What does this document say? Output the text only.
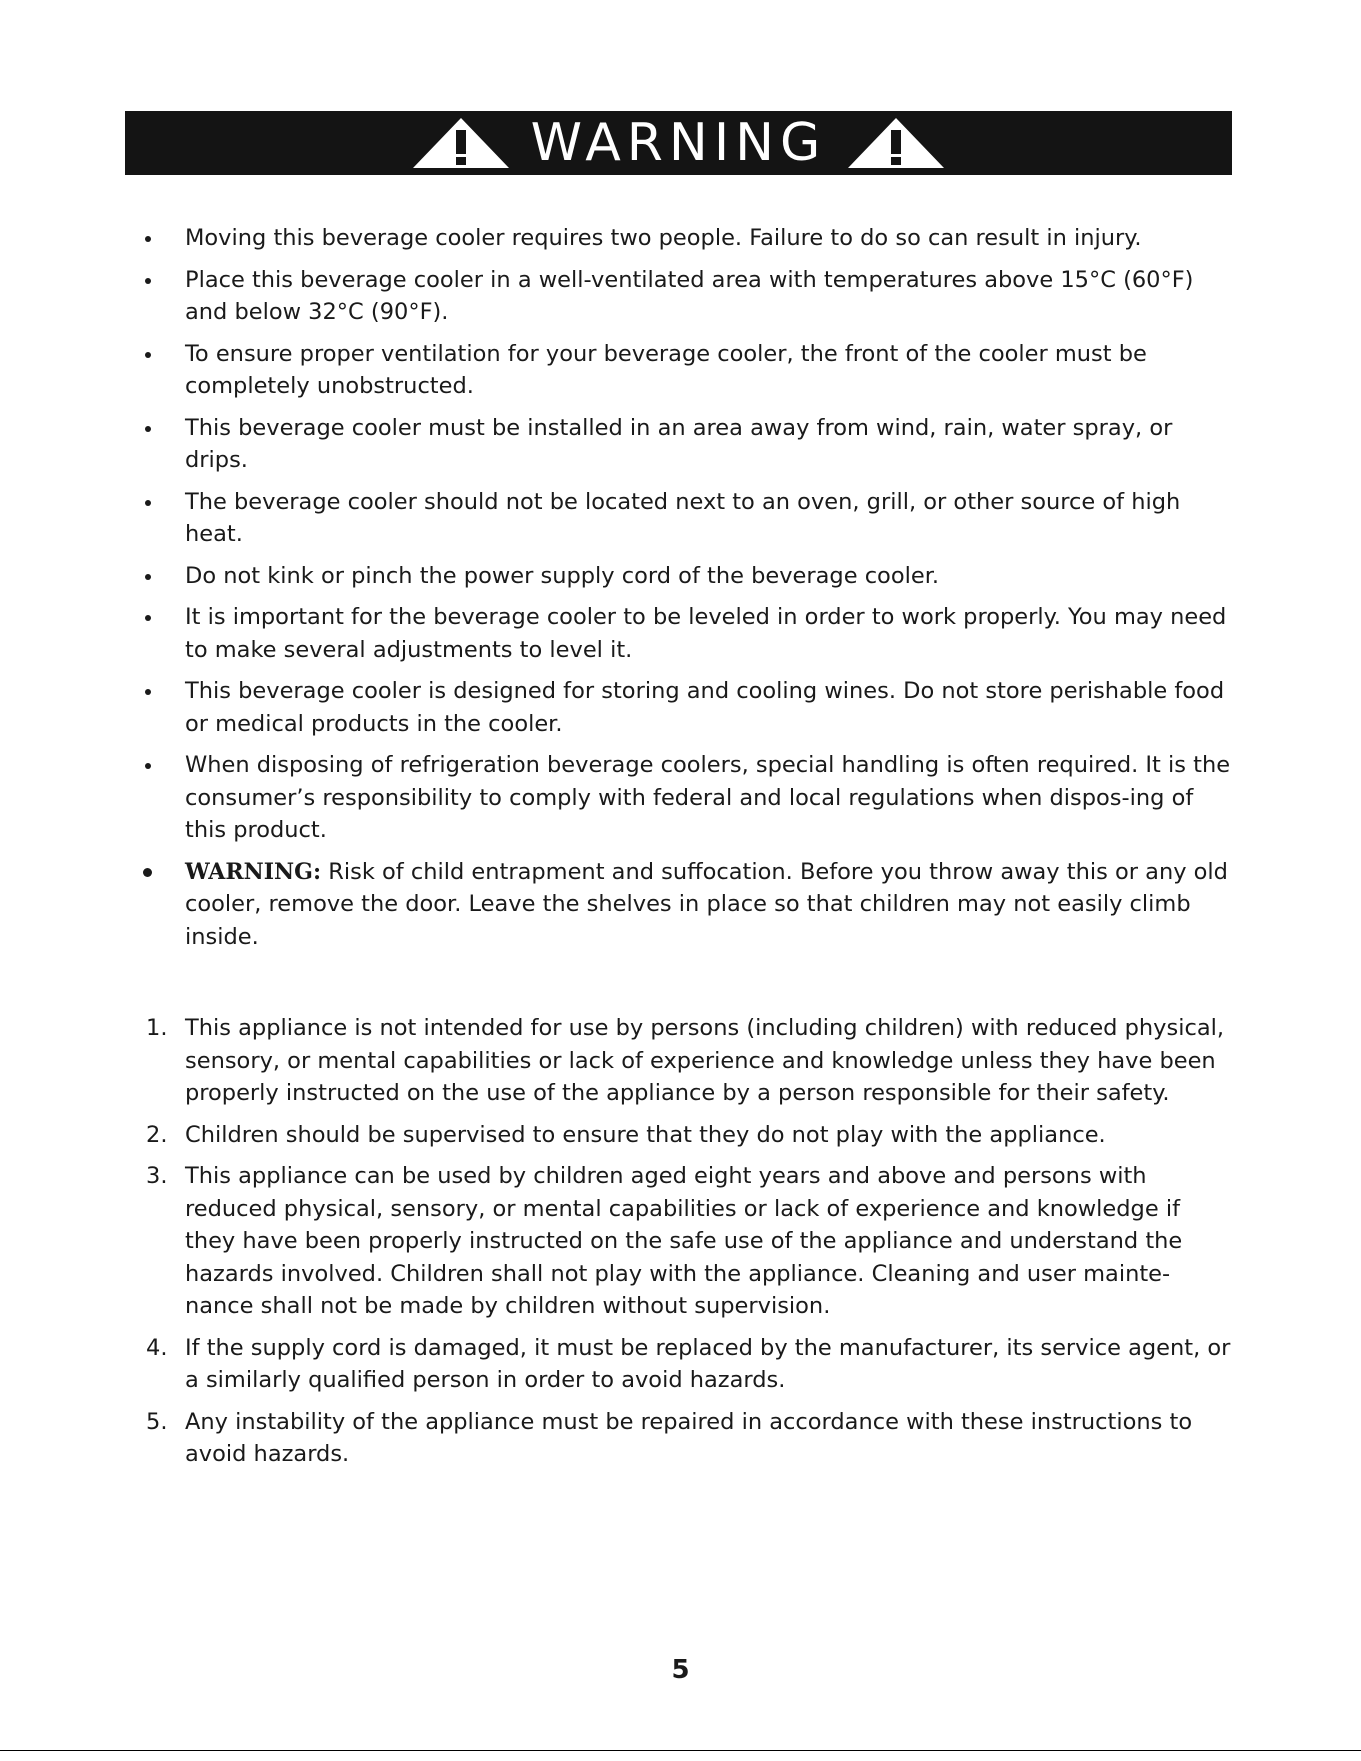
WARNING
Moving this beverage cooler requires two people. Failure to do so can result in injury.
Place this beverage cooler in a well-ventilated area with temperatures above 15°C (60°F) and below 32°C (90°F).
To ensure proper ventilation for your beverage cooler, the front of the cooler must be completely unobstructed.
This beverage cooler must be installed in an area away from wind, rain, water spray, or drips.
The beverage cooler should not be located next to an oven, grill, or other source of high heat.
Do not kink or pinch the power supply cord of the beverage cooler.
It is important for the beverage cooler to be leveled in order to work properly. You may need to make several adjustments to level it.
This beverage cooler is designed for storing and cooling wines. Do not store perishable food or medical products in the cooler.
When disposing of refrigeration beverage coolers, special handling is often required. It is the consumer’s responsibility to comply with federal and local regulations when dispos-ing of this product.
WARNING: Risk of child entrapment and suffocation. Before you throw away this or any old cooler, remove the door. Leave the shelves in place so that children may not easily climb inside.
1. This appliance is not intended for use by persons (including children) with reduced physical, sensory, or mental capabilities or lack of experience and knowledge unless they have been properly instructed on the use of the appliance by a person responsible for their safety.
2. Children should be supervised to ensure that they do not play with the appliance.
3. This appliance can be used by children aged eight years and above and persons with reduced physical, sensory, or mental capabilities or lack of experience and knowledge if they have been properly instructed on the safe use of the appliance and understand the hazards involved. Children shall not play with the appliance. Cleaning and user mainte-nance shall not be made by children without supervision.
4. If the supply cord is damaged, it must be replaced by the manufacturer, its service agent, or a similarly qualified person in order to avoid hazards.
5. Any instability of the appliance must be repaired in accordance with these instructions to avoid hazards.
5
